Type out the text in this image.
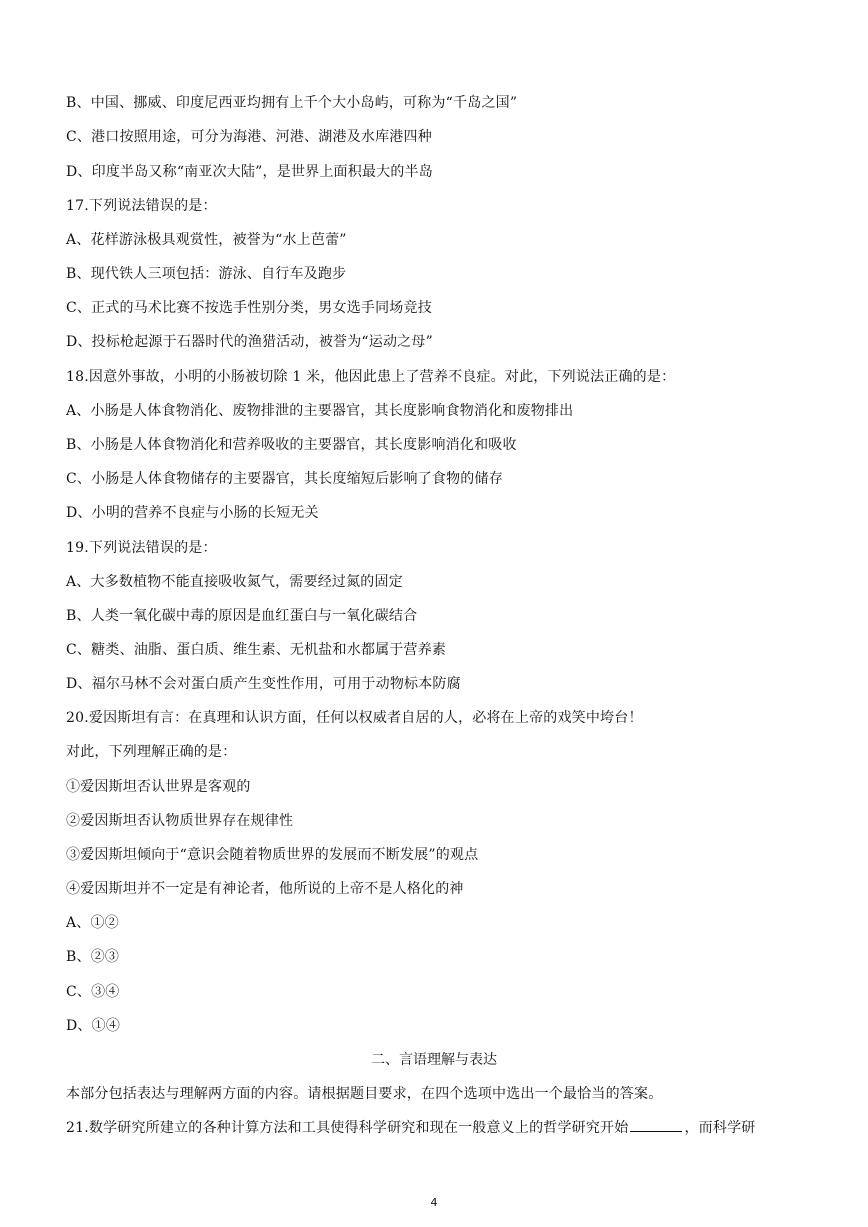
B、中国、挪威、印度尼西亚均拥有上千个大小岛屿，可称为“千岛之国”
C、港口按照用途，可分为海港、河港、湖港及水库港四种
D、印度半岛又称“南亚次大陆”，是世界上面积最大的半岛
17.下列说法错误的是：
A、花样游泳极具观赏性，被誉为“水上芭蕾”
B、现代铁人三项包括：游泳、自行车及跑步
C、正式的马术比赛不按选手性别分类，男女选手同场竞技
D、投标枪起源于石器时代的渔猎活动，被誉为“运动之母”
18.因意外事故，小明的小肠被切除 1 米，他因此患上了营养不良症。对此，下列说法正确的是：
A、小肠是人体食物消化、废物排泄的主要器官，其长度影响食物消化和废物排出
B、小肠是人体食物消化和营养吸收的主要器官，其长度影响消化和吸收
C、小肠是人体食物储存的主要器官，其长度缩短后影响了食物的储存
D、小明的营养不良症与小肠的长短无关
19.下列说法错误的是：
A、大多数植物不能直接吸收氮气，需要经过氮的固定
B、人类一氧化碳中毒的原因是血红蛋白与一氧化碳结合
C、糖类、油脂、蛋白质、维生素、无机盐和水都属于营养素
D、福尔马林不会对蛋白质产生变性作用，可用于动物标本防腐
20.爱因斯坦有言：在真理和认识方面，任何以权威者自居的人，必将在上帝的戏笑中垮台！
对此，下列理解正确的是：
①爱因斯坦否认世界是客观的
②爱因斯坦否认物质世界存在规律性
③爱因斯坦倾向于“意识会随着物质世界的发展而不断发展”的观点
④爱因斯坦并不一定是有神论者，他所说的上帝不是人格化的神
A、①②
B、②③
C、③④
D、①④
二、言语理解与表达
本部分包括表达与理解两方面的内容。请根据题目要求，在四个选项中选出一个最恰当的答案。
21.数学研究所建立的各种计算方法和工具使得科学研究和现在一般意义上的哲学研究开始	，而科学研
4
